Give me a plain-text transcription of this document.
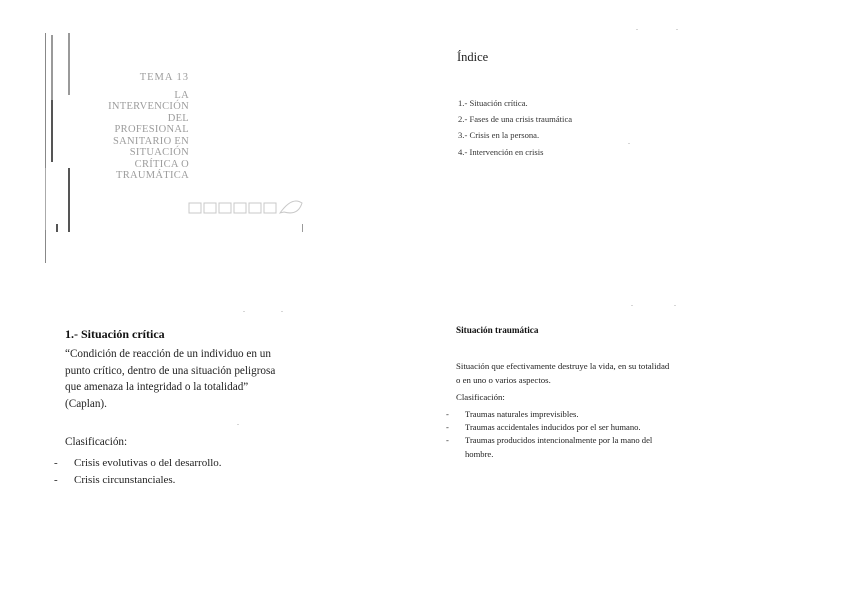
TEMA 13
LA INTERVENCIÓN DEL PROFESIONAL SANITARIO EN SITUACIÓN CRÍTICA O TRAUMÁTICA
Índice
1.- Situación crítica.
2.- Fases de una crisis traumática
3.- Crisis en la persona.
4.- Intervención en crisis
1.- Situación crítica
“Condición de reacción de un individuo en un punto crítico, dentro de una situación peligrosa que amenaza la integridad o la totalidad” (Caplan).
Clasificación:
- Crisis evolutivas o del desarrollo.
- Crisis circunstanciales.
Situación traumática
Situación que efectivamente destruye la vida, en su totalidad o en uno o varios aspectos.
Clasificación:
- Traumas naturales imprevisibles.
- Traumas accidentales inducidos por el ser humano.
- Traumas producidos intencionalmente por la mano del hombre.
